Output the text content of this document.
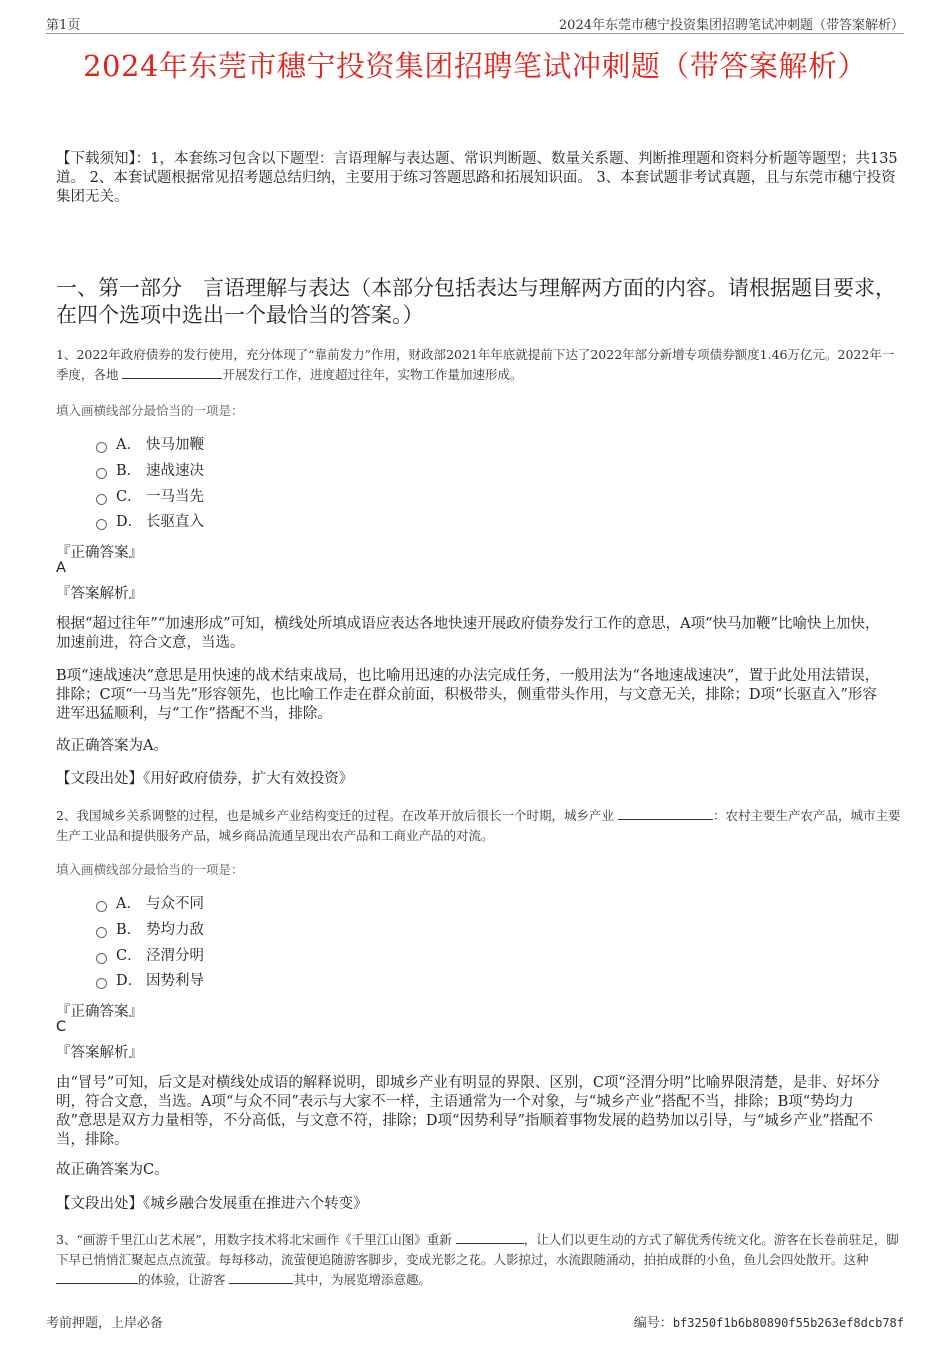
第1页	2024年东莞市穗宁投资集团招聘笔试冲刺题（带答案解析）
2024年东莞市穗宁投资集团招聘笔试冲刺题（带答案解析）
【下载须知】：1，本套练习包含以下题型：言语理解与表达题、常识判断题、数量关系题、判断推理题和资料分析题等题型；共135道。 2、本套试题根据常见招考题总结归纳，主要用于练习答题思路和拓展知识面。 3、本套试题非考试真题，且与东莞市穗宁投资集团无关。
一、第一部分　言语理解与表达（本部分包括表达与理解两方面的内容。请根据题目要求，在四个选项中选出一个最恰当的答案。）
1、2022年政府债券的发行使用，充分体现了“靠前发力”作用，财政部2021年年底就提前下达了2022年部分新增专项债券额度1.46万亿元。2022年一季度，各地	开展发行工作，进度超过往年，实物工作量加速形成。
填入画横线部分最恰当的一项是：
A． 快马加鞭
B． 速战速决
C． 一马当先
D． 长驱直入
『正确答案』
A
『答案解析』
根据“超过往年”“加速形成”可知，横线处所填成语应表达各地快速开展政府债券发行工作的意思，A项“快马加鞭”比喻快上加快，加速前进，符合文意，当选。
B项“速战速决”意思是用快速的战术结束战局，也比喻用迅速的办法完成任务，一般用法为“各地速战速决”，置于此处用法错误，排除；C项“一马当先”形容领先，也比喻工作走在群众前面，积极带头，侧重带头作用，与文意无关，排除；D项“长驱直入”形容进军迅猛顺利，与“工作”搭配不当，排除。
故正确答案为A。
【文段出处】《用好政府债券，扩大有效投资》
2、我国城乡关系调整的过程，也是城乡产业结构变迁的过程。在改革开放后很长一个时期，城乡产业	：农村主要生产农产品，城市主要生产工业品和提供服务产品，城乡商品流通呈现出农产品和工商业产品的对流。
填入画横线部分最恰当的一项是：
A． 与众不同
B． 势均力敌
C． 泾渭分明
D． 因势利导
『正确答案』
C
『答案解析』
由“冒号”可知，后文是对横线处成语的解释说明，即城乡产业有明显的界限、区别，C项“泾渭分明”比喻界限清楚，是非、好坏分明，符合文意，当选。A项“与众不同”表示与大家不一样，主语通常为一个对象，与“城乡产业”搭配不当，排除；B项“势均力敌”意思是双方力量相等，不分高低，与文意不符，排除；D项“因势利导”指顺着事物发展的趋势加以引导，与“城乡产业”搭配不当，排除。
故正确答案为C。
【文段出处】《城乡融合发展重在推进六个转变》
3、“画游千里江山艺术展”，用数字技术将北宋画作《千里江山图》重新	，让人们以更生动的方式了解优秀传统文化。游客在长卷前驻足，脚下早已悄悄汇聚起点点流萤。每每移动，流萤便追随游客脚步，变成光影之花。人影掠过，水流跟随涌动，拍拍成群的小鱼，鱼儿会四处散开。这种 的体验，让游客	其中，为展览增添意趣。
考前押题，上岸必备	编号：bf3250f1b6b80890f55b263ef8dcb78f
